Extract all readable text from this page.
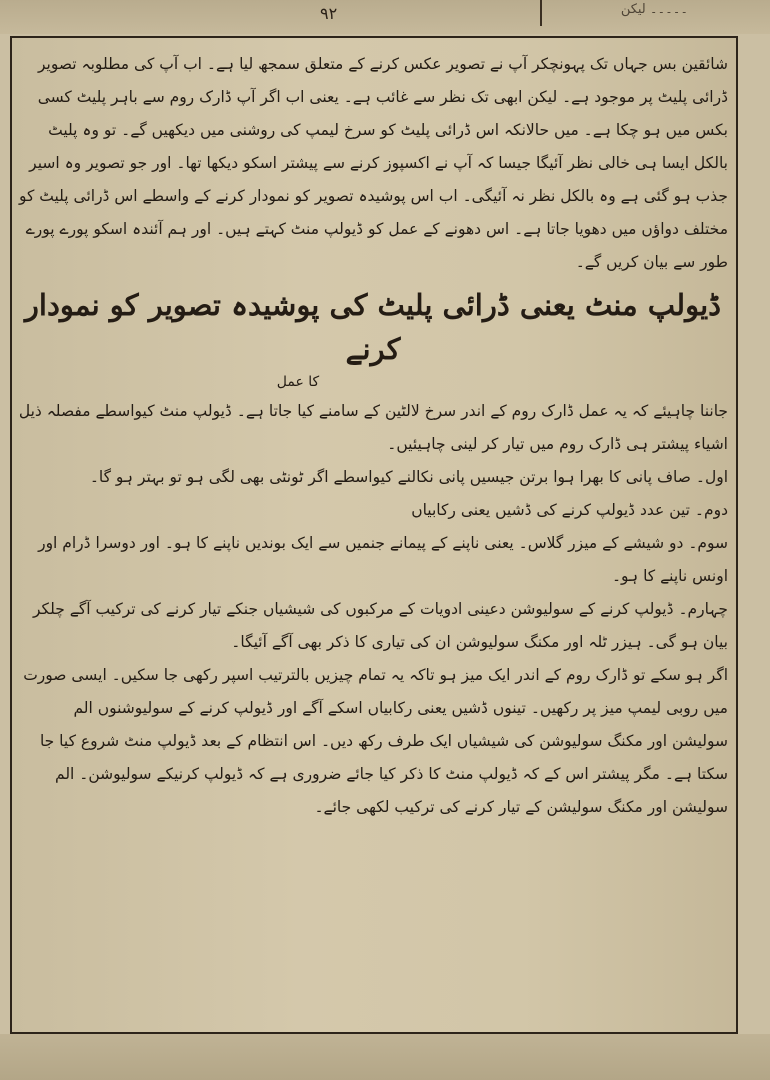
۹۲	۔۔۔۔۔ لیکن

شائقین بس جہاں تک پہونچکر آپ نے تصویر عکس کرنے کے متعلق سمجھ لیا ہے۔ اب آپ کی مطلوبہ تصویر ڈرائی پلیٹ پر موجود ہے۔ لیکن ابھی تک نظر سے غائب ہے۔ یعنی اب اگر آپ ڈارک روم سے باہر پلیٹ کسی بکس میں ہو چکا ہے۔ میں حالانکہ اس ڈرائی پلیٹ کو سرخ لیمپ کی روشنی میں دیکھیں گے۔ تو وہ پلیٹ بالکل ایسا ہی خالی نظر آئیگا جیسا کہ آپ نے اکسپوز کرنے سے پیشتر اسکو دیکھا تھا۔ اور جو تصویر وہ اسیر جذب ہو گئی ہے وہ بالکل نظر نہ آئیگی۔ اب اس پوشیدہ تصویر کو نمودار کرنے کے واسطے اس ڈرائی پلیٹ کو مختلف دواؤں میں دھویا جاتا ہے۔ اس دھونے کے عمل کو ڈیولپ منٹ کہتے ہیں۔ اور ہم آئندہ اسکو پورے پورے طور سے بیان کریں گے۔

ڈیولپ منٹ یعنی ڈرائی پلیٹ کی پوشیدہ تصویر کو نمودار کرنے

کا عمل

جاننا چاہیئے کہ یہ عمل ڈارک روم کے اندر سرخ لالٹین کے سامنے کیا جاتا ہے۔ ڈیولپ منٹ کیواسطے مفصلہ ذیل اشیاء پیشتر ہی ڈارک روم میں تیار کر لینی چاہیئیں۔

اول۔ صاف پانی کا بھرا ہوا برتن جیسیں پانی نکالنے کیواسطے اگر ٹونٹی بھی لگی ہو تو بہتر ہو گا۔

دوم۔ تین عدد ڈیولپ کرنے کی ڈشیں یعنی رکابیاں

سوم۔ دو شیشے کے میزر گلاس۔ یعنی ناپنے کے پیمانے جنمیں سے ایک بوندیں ناپنے کا ہو۔ اور دوسرا ڈرام اور اونس ناپنے کا ہو۔

چہارم۔ ڈیولپ کرنے کے سولیوشن دعینی ادویات کے مرکبوں کی شیشیاں جنکے تیار کرنے کی ترکیب آگے چلکر بیان ہو گی۔ ہیزر ٹلہ اور مکنگ سولیوشن ان کی تیاری کا ذکر بھی آگے آئیگا۔

اگر ہو سکے تو ڈارک روم کے اندر ایک میز ہو تاکہ یہ تمام چیزیں بالترتیب اسپر رکھی جا سکیں۔ ایسی صورت میں روبی لیمپ میز پر رکھیں۔ تینوں ڈشیں یعنی رکابیاں اسکے آگے اور ڈیولپ کرنے کے سولیوشنوں الم سولیشن اور مکنگ سولیوشن کی شیشیاں ایک طرف رکھ دیں۔ اس انتظام کے بعد ڈیولپ منٹ شروع کیا جا سکتا ہے۔ مگر پیشتر اس کے کہ ڈیولپ منٹ کا ذکر کیا جائے ضروری ہے کہ ڈیولپ کرنیکے سولیوشن۔ الم سولیشن اور مکنگ سولیشن کے تیار کرنے کی ترکیب لکھی جائے۔
